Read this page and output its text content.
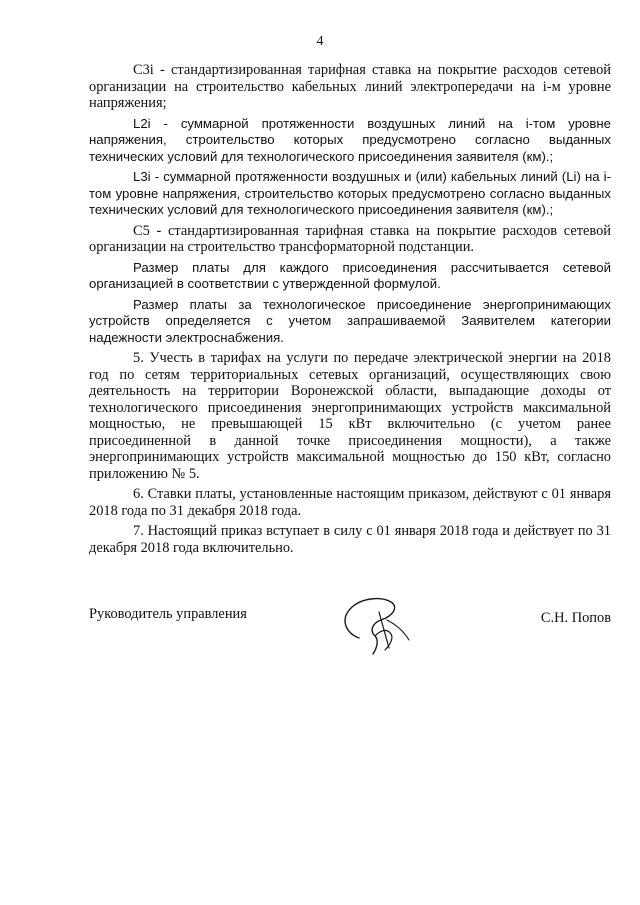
4

С3i - стандартизированная тарифная ставка на покрытие расходов сетевой организации на строительство кабельных линий электропередачи на i-м уровне напряжения;

L2i - суммарной протяженности воздушных линий на i-том уровне напряжения, строительство которых предусмотрено согласно выданных технических условий для технологического присоединения заявителя (км).;

L3i - суммарной протяженности воздушных и (или) кабельных линий (Li) на i-том уровне напряжения, строительство которых предусмотрено согласно выданных технических условий для технологического присоединения заявителя (км).;

С5 - стандартизированная тарифная ставка на покрытие расходов сетевой организации на строительство трансформаторной подстанции.

Размер платы для каждого присоединения рассчитывается сетевой организацией в соответствии с утвержденной формулой.

Размер платы за технологическое присоединение энергопринимающих устройств определяется с учетом запрашиваемой Заявителем категории надежности электроснабжения.

5. Учесть в тарифах на услуги по передаче электрической энергии на 2018 год по сетям территориальных сетевых организаций, осуществляющих свою деятельность на территории Воронежской области, выпадающие доходы от технологического присоединения энергопринимающих устройств максимальной мощностью, не превышающей 15 кВт включительно (с учетом ранее присоединенной в данной точке присоединения мощности), а также энергопринимающих устройств максимальной мощностью до 150 кВт, согласно приложению № 5.

6. Ставки платы, установленные настоящим приказом, действуют с 01 января 2018 года по 31 декабря 2018 года.

7. Настоящий приказ вступает в силу с 01 января 2018 года и действует по 31 декабря 2018 года включительно.

Руководитель управления	С.Н. Попов
